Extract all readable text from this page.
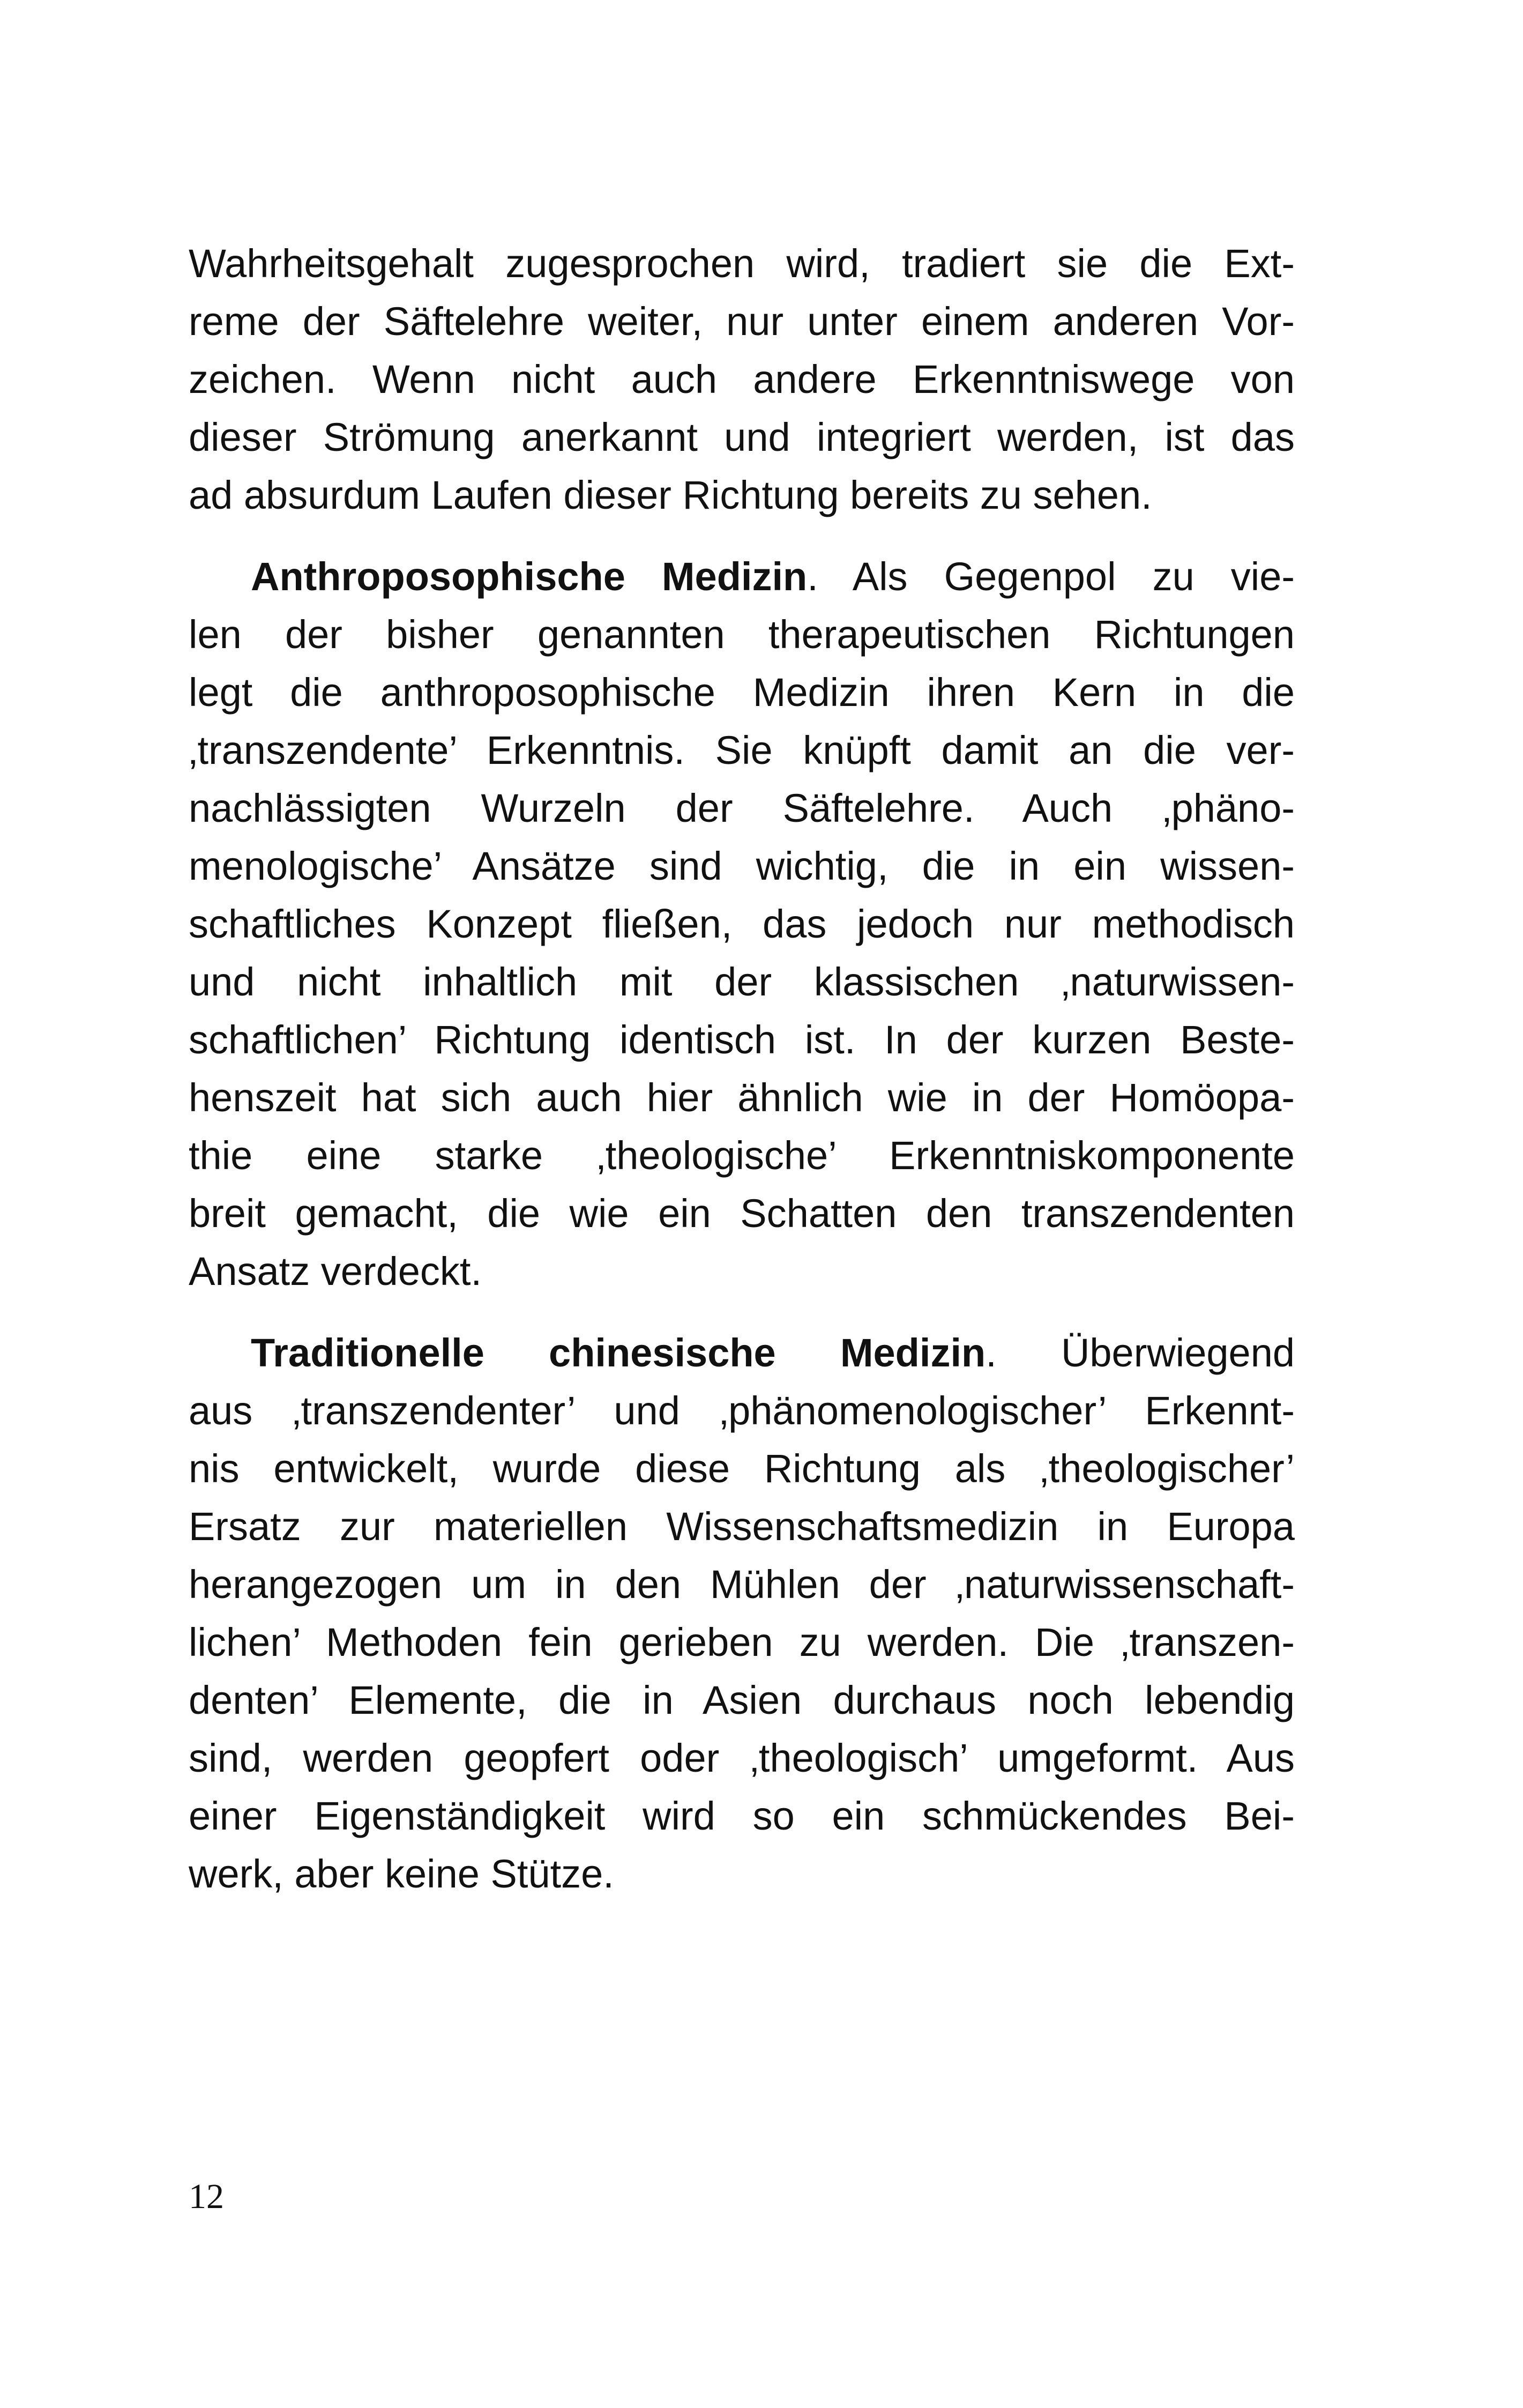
Wahrheitsgehalt zugesprochen wird, tradiert sie die Ext-
reme der Säftelehre weiter, nur unter einem anderen Vor-
zeichen. Wenn nicht auch andere Erkenntniswege von
dieser Strömung anerkannt und integriert werden, ist das
ad absurdum Laufen dieser Richtung bereits zu sehen.

Anthroposophische Medizin. Als Gegenpol zu vie-
len der bisher genannten therapeutischen Richtungen
legt die anthroposophische Medizin ihren Kern in die
‚transzendente’ Erkenntnis. Sie knüpft damit an die ver-
nachlässigten Wurzeln der Säftelehre. Auch ‚phäno-
menologische’ Ansätze sind wichtig, die in ein wissen-
schaftliches Konzept fließen, das jedoch nur methodisch
und nicht inhaltlich mit der klassischen ‚naturwissen-
schaftlichen’ Richtung identisch ist. In der kurzen Beste-
henszeit hat sich auch hier ähnlich wie in der Homöopa-
thie eine starke ‚theologische’ Erkenntniskomponente
breit gemacht, die wie ein Schatten den transzendenten
Ansatz verdeckt.

Traditionelle chinesische Medizin. Überwiegend
aus ‚transzendenter’ und ‚phänomenologischer’ Erkennt-
nis entwickelt, wurde diese Richtung als ‚theologischer’
Ersatz zur materiellen Wissenschaftsmedizin in Europa
herangezogen um in den Mühlen der ‚naturwissenschaft-
lichen’ Methoden fein gerieben zu werden. Die ‚transzen-
denten’ Elemente, die in Asien durchaus noch lebendig
sind, werden geopfert oder ‚theologisch’ umgeformt. Aus
einer Eigenständigkeit wird so ein schmückendes Bei-
werk, aber keine Stütze.

12
